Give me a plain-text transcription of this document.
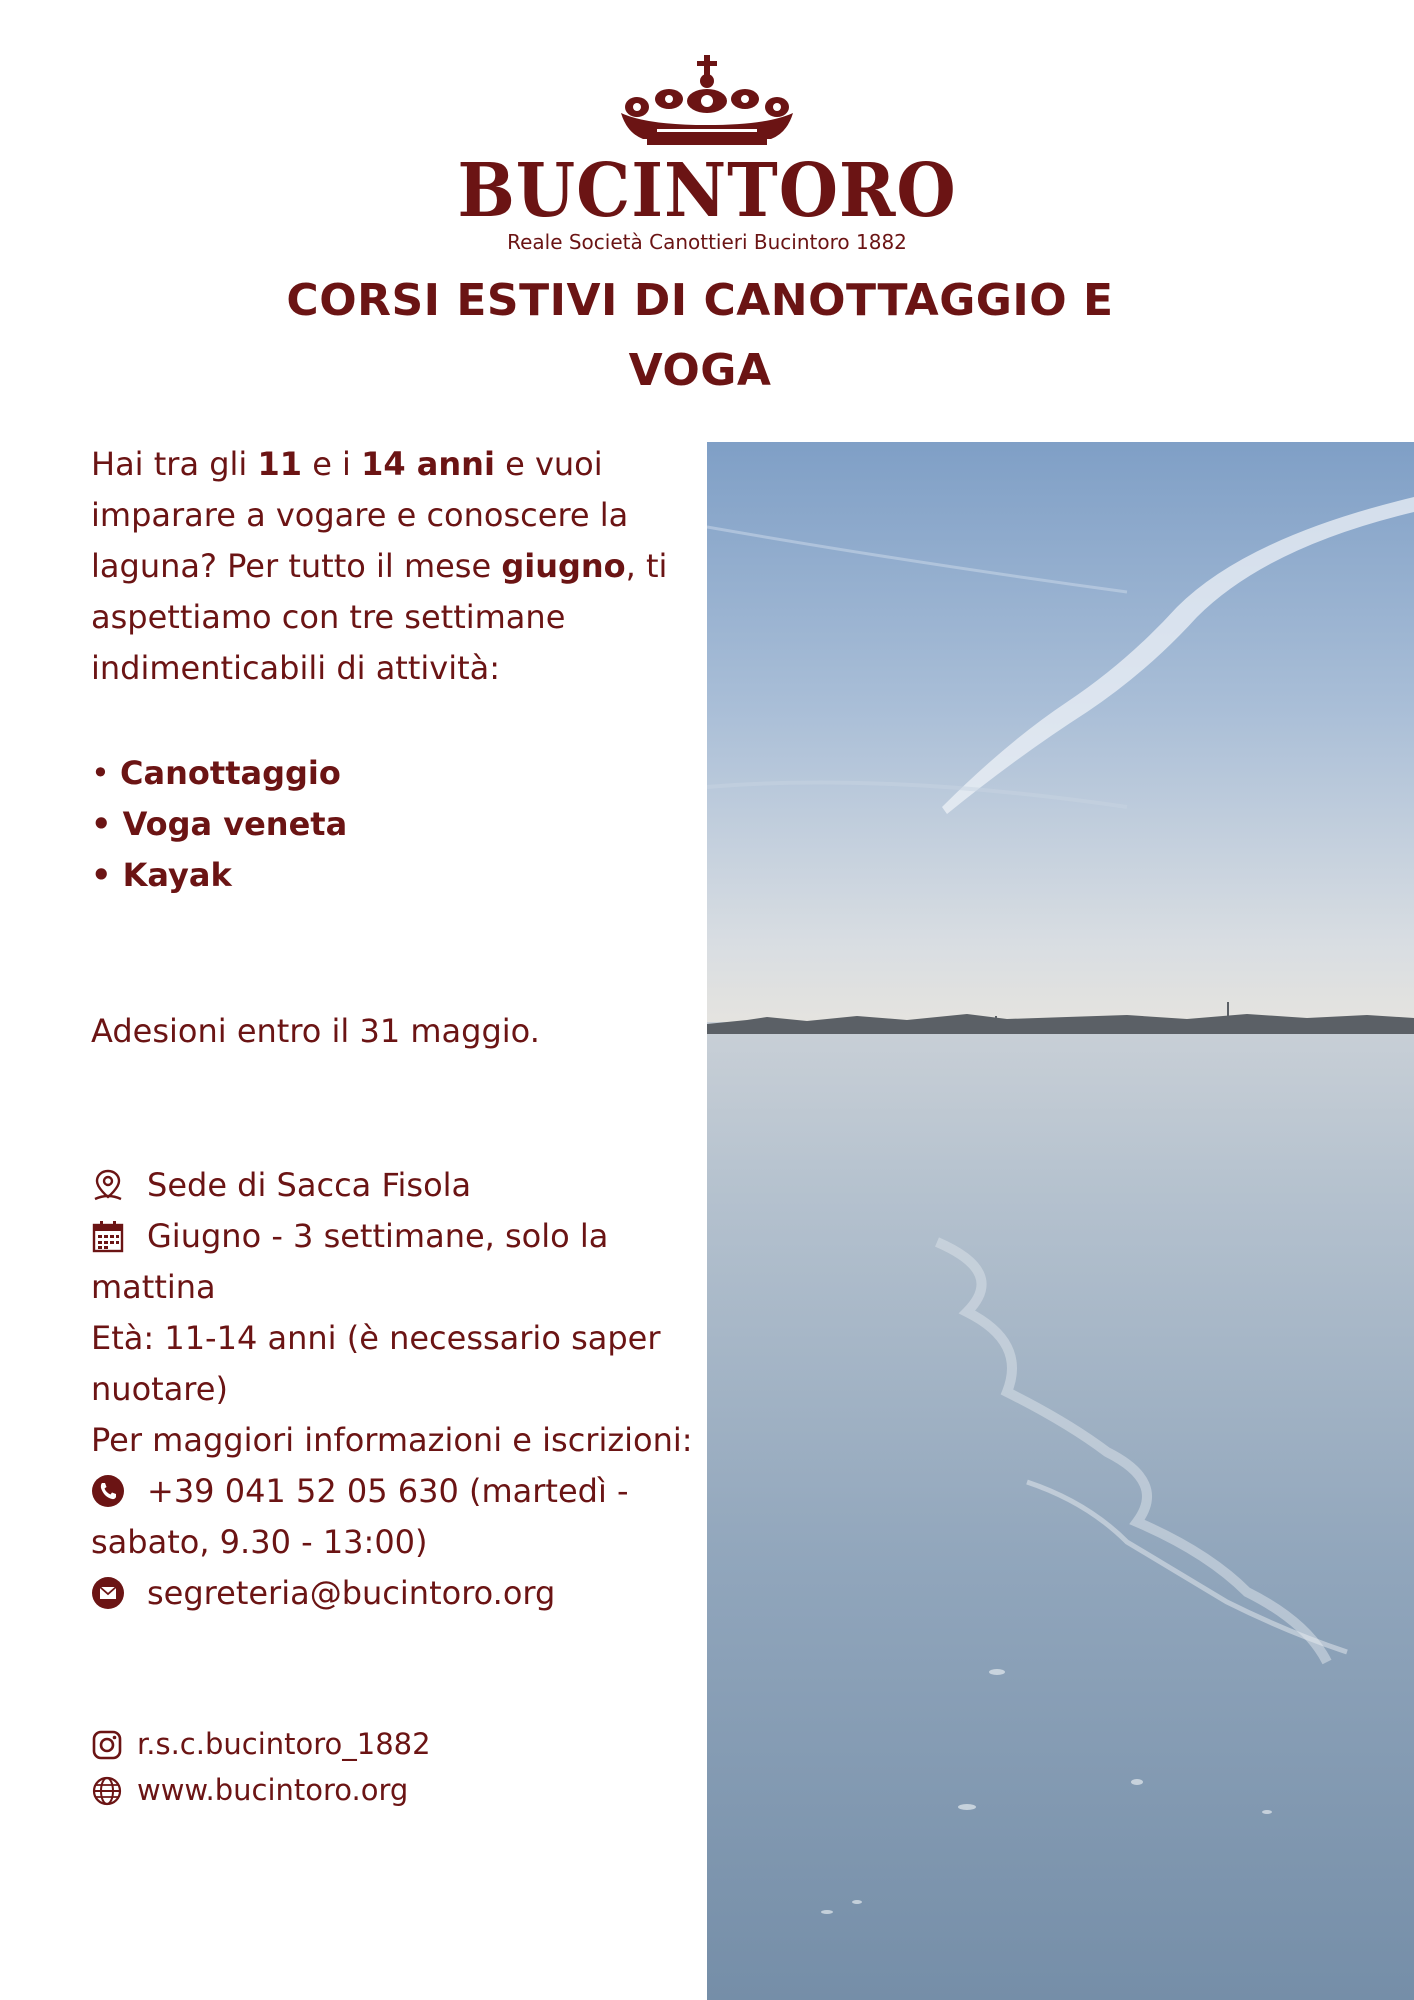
BUCINTORO
Reale Società Canottieri Bucintoro 1882
CORSI ESTIVI DI CANOTTAGGIO E
VOGA
Hai tra gli 11 e i 14 anni e vuoi imparare a vogare e conoscere la laguna? Per tutto il mese giugno, ti aspettiamo con tre settimane indimenticabili di attività:
• Canottaggio
• Voga veneta
• Kayak
Adesioni entro il 31 maggio.
Sede di Sacca Fisola
Giugno - 3 settimane, solo la mattina
Età: 11-14 anni (è necessario saper nuotare)
Per maggiori informazioni e iscrizioni:
+39 041 52 05 630 (martedì - sabato, 9.30 - 13:00)
segreteria@bucintoro.org
r.s.c.bucintoro_1882
www.bucintoro.org
